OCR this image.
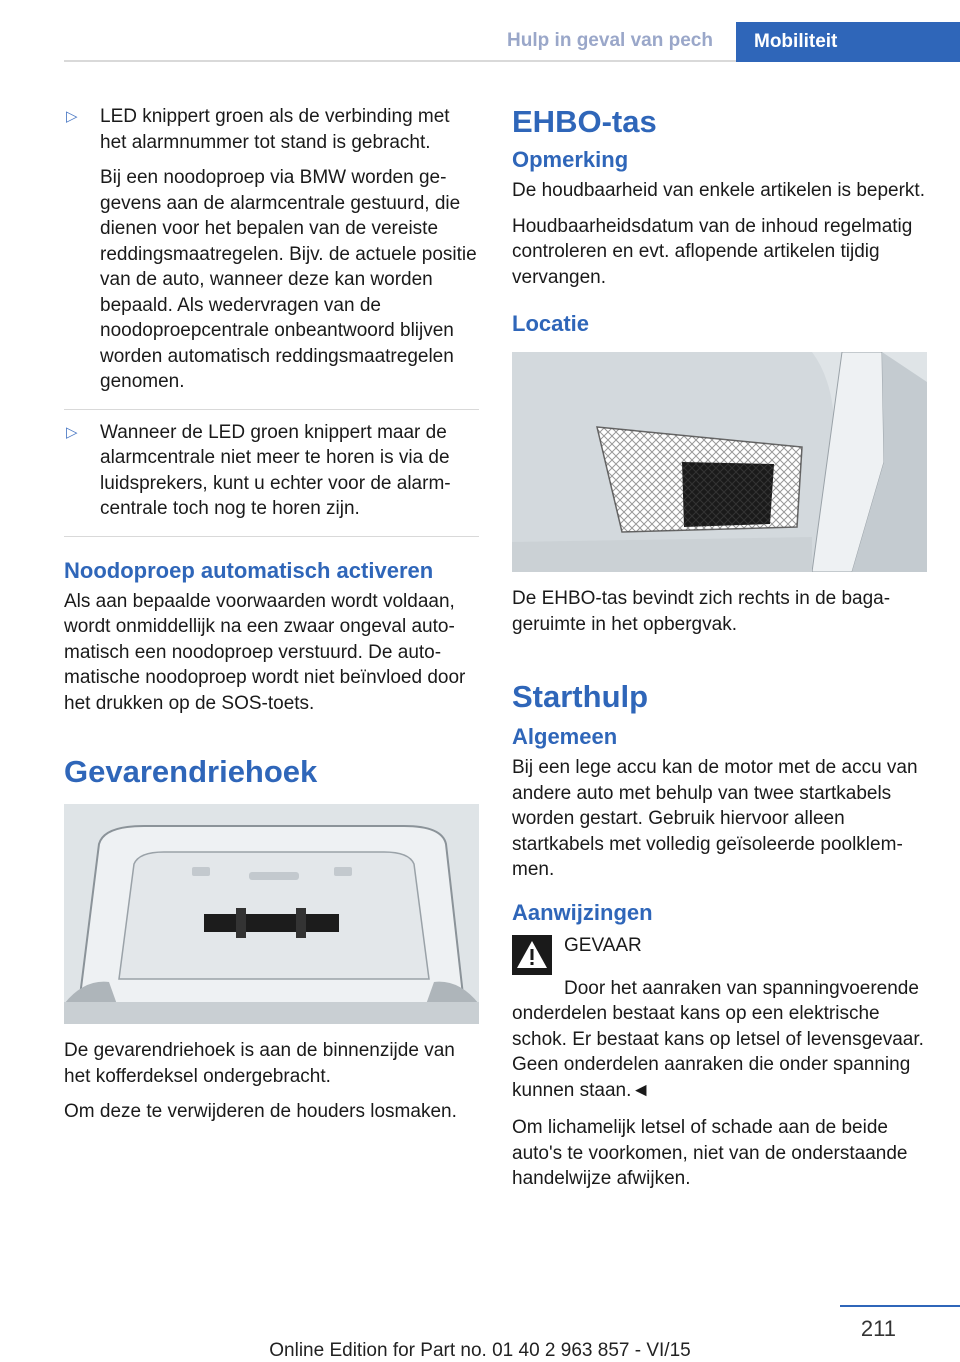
Hulp in geval van pech	Mobiliteit
▷	LED knippert groen als de verbinding met het alarmnummer tot stand is gebracht.

Bij een noodoproep via BMW worden gegevens aan de alarmcentrale gestuurd, die dienen voor het bepalen van de vereiste reddingsmaatregelen. Bijv. de actuele positie van de auto, wanneer deze kan worden bepaald. Als wedervragen van de noodoproepcentrale onbeantwoord blijven worden automatisch reddingsmaatregelen genomen.

▷	Wanneer de LED groen knippert maar de alarmcentrale niet meer te horen is via de luidsprekers, kunt u echter voor de alarmcentrale toch nog te horen zijn.

Noodoproep automatisch activeren

Als aan bepaalde voorwaarden wordt voldaan, wordt onmiddellijk na een zwaar ongeval automatisch een noodoproep verstuurd. De automatische noodoproep wordt niet beïnvloed door het drukken op de SOS-toets.

Gevarendriehoek

De gevarendriehoek is aan de binnenzijde van het kofferdeksel ondergebracht.

Om deze te verwijderen de houders losmaken.

EHBO-tas
Opmerking

De houdbaarheid van enkele artikelen is beperkt.

Houdbaarheidsdatum van de inhoud regelmatig controleren en evt. aflopende artikelen tijdig vervangen.

Locatie

De EHBO-tas bevindt zich rechts in de bagageruimte in het opbergvak.

Starthulp
Algemeen

Bij een lege accu kan de motor met de accu van andere auto met behulp van twee startkabels worden gestart. Gebruik hiervoor alleen startkabels met volledig geïsoleerde poolklemmen.

Aanwijzingen

GEVAAR

Door het aanraken van spanningvoerende onderdelen bestaat kans op een elektrische schok. Er bestaat kans op letsel of levensgevaar. Geen onderdelen aanraken die onder spanning kunnen staan.◄

Om lichamelijk letsel of schade aan de beide auto's te voorkomen, niet van de onderstaande handelwijze afwijken.

211
Online Edition for Part no. 01 40 2 963 857 - VI/15
